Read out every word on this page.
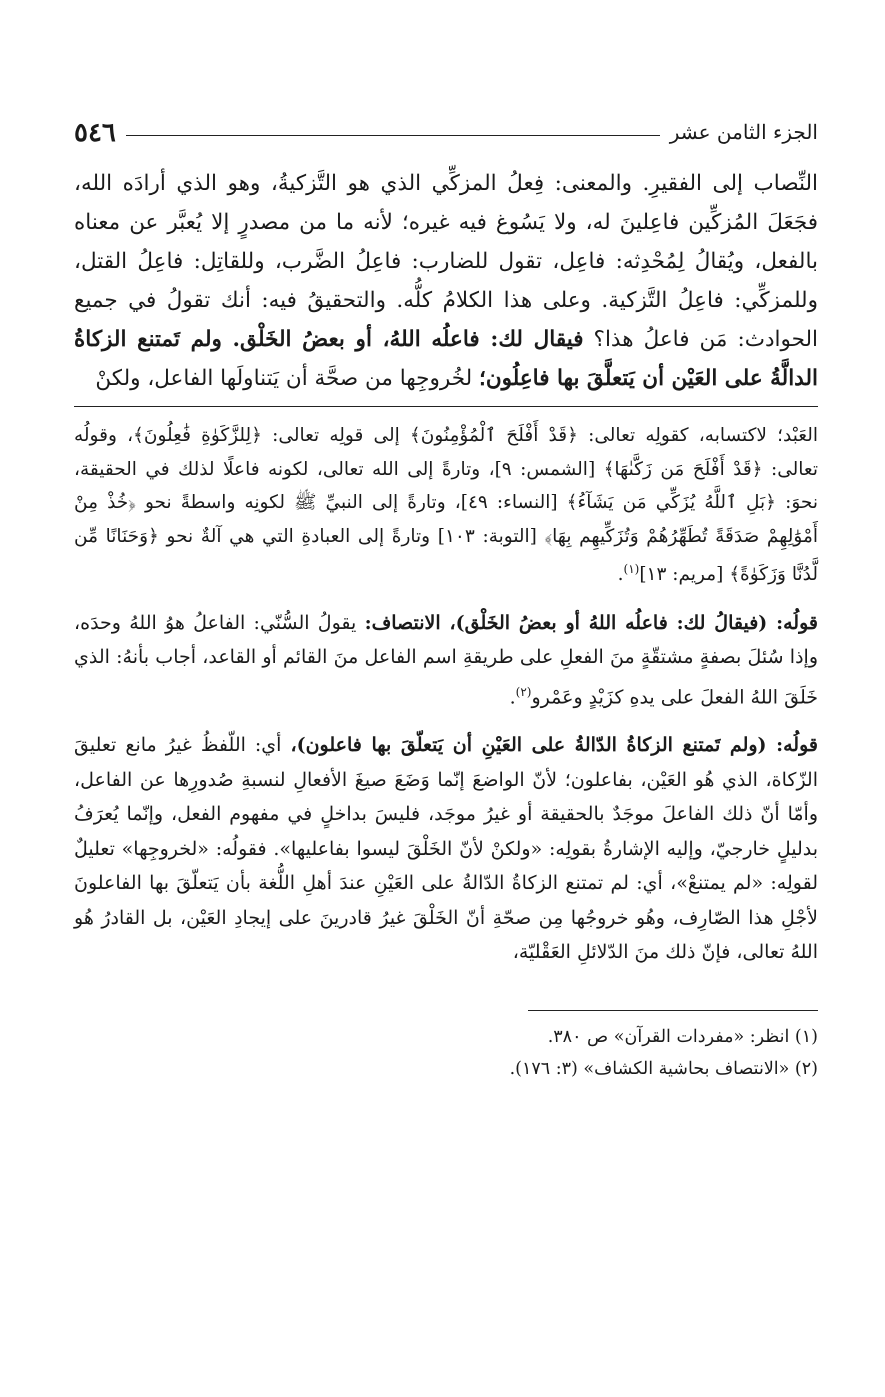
٥٤٦	الجزء الثامن عشر
النِّصاب إلى الفقيرِ. والمعنى: فِعلُ المزكِّي الذي هو التَّزكيةُ، وهو الذي أرادَه الله، فجَعَلَ المُزكِّين فاعِلينَ له، ولا يَسُوغ فيه غيره؛ لأنه ما من مصدرٍ إلا يُعبَّر عن معناه بالفعل، ويُقالُ لِمُحْدِثه: فاعِل، تقول للضارب: فاعِلُ الضَّرب، وللقاتِل: فاعِلُ القتل، وللمزكِّي: فاعِلُ التَّزكية. وعلى هذا الكلامُ كلُّه. والتحقيقُ فيه: أنك تقولُ في جميع الحوادث: مَن فاعلُ هذا؟ فيقال لك: فاعلُه اللهُ، أو بعضُ الخَلْق. ولم تَمتنع الزكاةُ الدالَّةُ على العَيْن أن يَتعلَّقَ بها فاعِلُون؛ لخُروجِها من صحَّة أن يَتناولَها الفاعل، ولكنْ
العَبْد؛ لاكتسابه، كقولِه تعالى: ﴿قَدْ أَفْلَحَ ٱلْمُؤْمِنُونَ﴾ إلى قولِه تعالى: ﴿لِلزَّكَوٰةِ فَٰعِلُونَ﴾، وقولُه تعالى: ﴿قَدْ أَفْلَحَ مَن زَكَّىٰهَا﴾ [الشمس: ٩]، وتارةً إلى الله تعالى، لكونه فاعلًا لذلك في الحقيقة، نحوَ: ﴿بَلِ ٱللَّهُ يُزَكِّي مَن يَشَآءُ﴾ [النساء: ٤٩]، وتارةً إلى النبيِّ ﷺ لكونِه واسطةً نحو ﴿خُذْ مِنْ أَمْوَٰلِهِمْ صَدَقَةً تُطَهِّرُهُمْ وَتُزَكِّيهِم بِهَا﴾ [التوبة: ١٠٣] وتارةً إلى العبادةِ التي هي آلةٌ نحو ﴿وَحَنَانًا مِّن لَّدُنَّا وَزَكَوٰةً﴾ [مريم: ١٣]$^{(١)}$.
قولُه: (فيقالُ لك: فاعلُه اللهُ أو بعضُ الخَلْق)، الانتصاف: يقولُ السُّنّي: الفاعلُ هوُ اللهُ وحدَه، وإذا سُئلَ بصفةٍ مشتقّةٍ منَ الفعلِ على طريقةِ اسم الفاعل منَ القائم أو القاعد، أجاب بأنهُ: الذي خَلَقَ اللهُ الفعلَ على يدهِ كزَيْدٍ وعَمْرو$^{(٢)}$.
قولُه: (ولم تَمتنع الزكاةُ الدّالةُ على العَيْنِ أن يَتعلّقَ بها فاعلون)، أي: اللّفظُ غيرُ مانع تعليقَ الزّكاة، الذي هُو العَيْن، بفاعلون؛ لأنّ الواضعَ إنّما وَضَعَ صيغَ الأفعالِ لنسبةِ صُدورِها عن الفاعل، وأمّا أنّ ذلك الفاعلَ موجَدٌ بالحقيقة أو غيرُ موجَد، فليسَ بداخلٍ في مفهوم الفعل، وإنّما يُعرَفُ بدليلٍ خارجيّ، وإليه الإشارةُ بقولِه: «ولكنْ لأنّ الخَلْقَ ليسوا بفاعليها». فقولُه: «لخروجِها» تعليلٌ لقولِه: «لم يمتنعْ»، أي: لم تمتنع الزكاةُ الدّالةُ على العَيْنِ عندَ أهلِ اللُّغة بأن يَتعلّقَ بها الفاعلونَ لأجْلِ هذا الصّارِف، وهُو خروجُها مِن صحّةِ أنّ الخَلْقَ غيرُ قادرينَ على إيجادِ العَيْن، بل القادرُ هُو اللهُ تعالى، فإنّ ذلك منَ الدّلائلِ العَقْليّة،
(١) انظر: «مفردات القرآن» ص ٣٨٠.
(٢) «الانتصاف بحاشية الكشاف» (٣: ١٧٦).
